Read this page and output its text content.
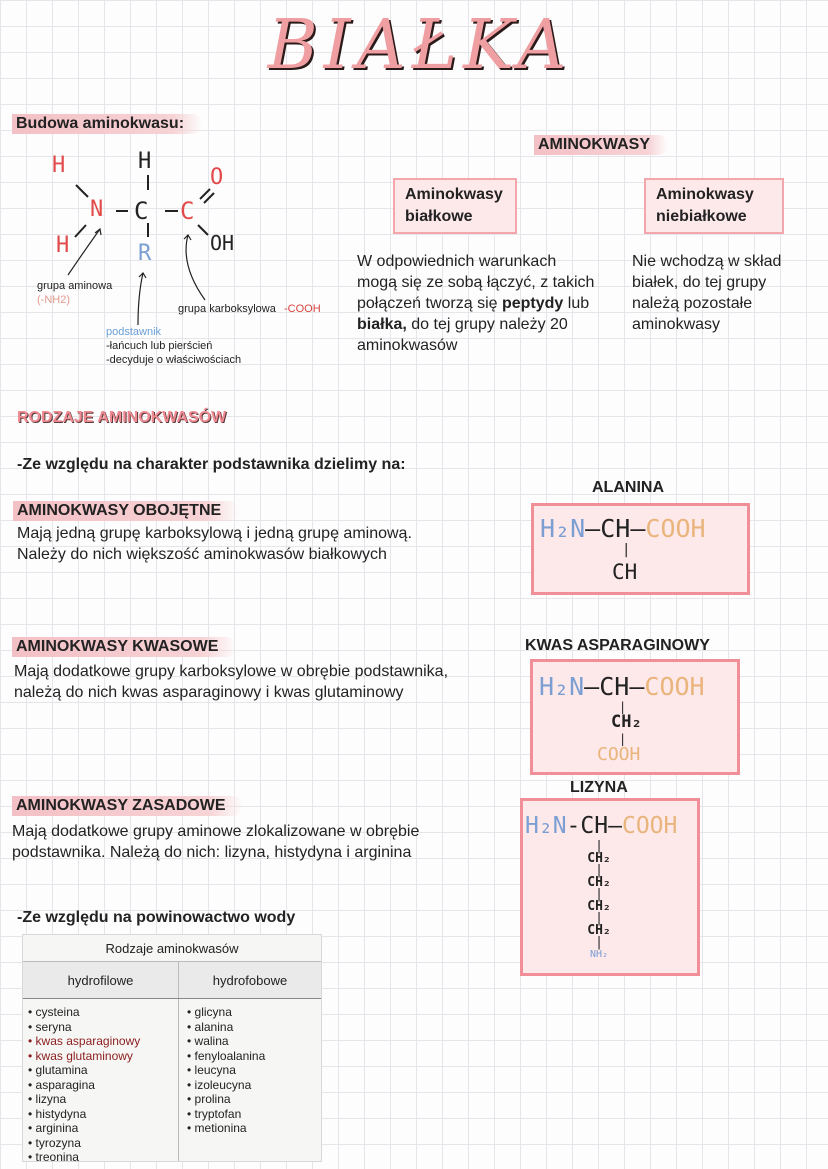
BIAŁKA
Budowa aminokwasu:
H	H
H
N C C
O
OH
R
grupa aminowa
(-NH2)
grupa karboksylowa -COOH
podstawnik
-łańcuch lub pierścień
-decyduje o właściwościach
AMINOKWASY
Aminokwasy
białkowe
Aminokwasy
niebiałkowe
W odpowiednich warunkach mogą się ze sobą łączyć, z takich połączeń tworzą się peptydy lub białka, do tej grupy należy 20 aminokwasów
Nie wchodzą w skład białek, do tej grupy należą pozostałe aminokwasy
RODZAJE AMINOKWASÓW
-Ze względu na charakter podstawnika dzielimy na:
AMINOKWASY OBOJĘTNE
Mają jedną grupę karboksylową i jedną grupę aminową.
Należy do nich większość aminokwasów białkowych
AMINOKWASY KWASOWE
Mają dodatkowe grupy karboksylowe w obrębie podstawnika, należą do nich kwas asparaginowy i kwas glutaminowy
AMINOKWASY ZASADOWE
Mają dodatkowe grupy aminowe zlokalizowane w obrębie podstawnika. Należą do nich: lizyna, histydyna i arginina
ALANINA
H₂N–CH–COOH
|
CH
KWAS ASPARAGINOWY
H₂N–CH–COOH
|
CH₂
|
COOH
LIZYNA
H₂N-CH–COOH
|
CH₂
|
CH₂
|
CH₂
|
CH₂
|
NH₂
-Ze względu na powinowactwo wody
Rodzaje aminokwasów
hydrofilowe	hydrofobowe
• cysteina
• seryna
• kwas asparaginowy
• kwas glutaminowy
• glutamina
• asparagina
• lizyna
• histydyna
• arginina
• tyrozyna
• treonina
• glicyna
• alanina
• walina
• fenyloalanina
• leucyna
• izoleucyna
• prolina
• tryptofan
• metionina
